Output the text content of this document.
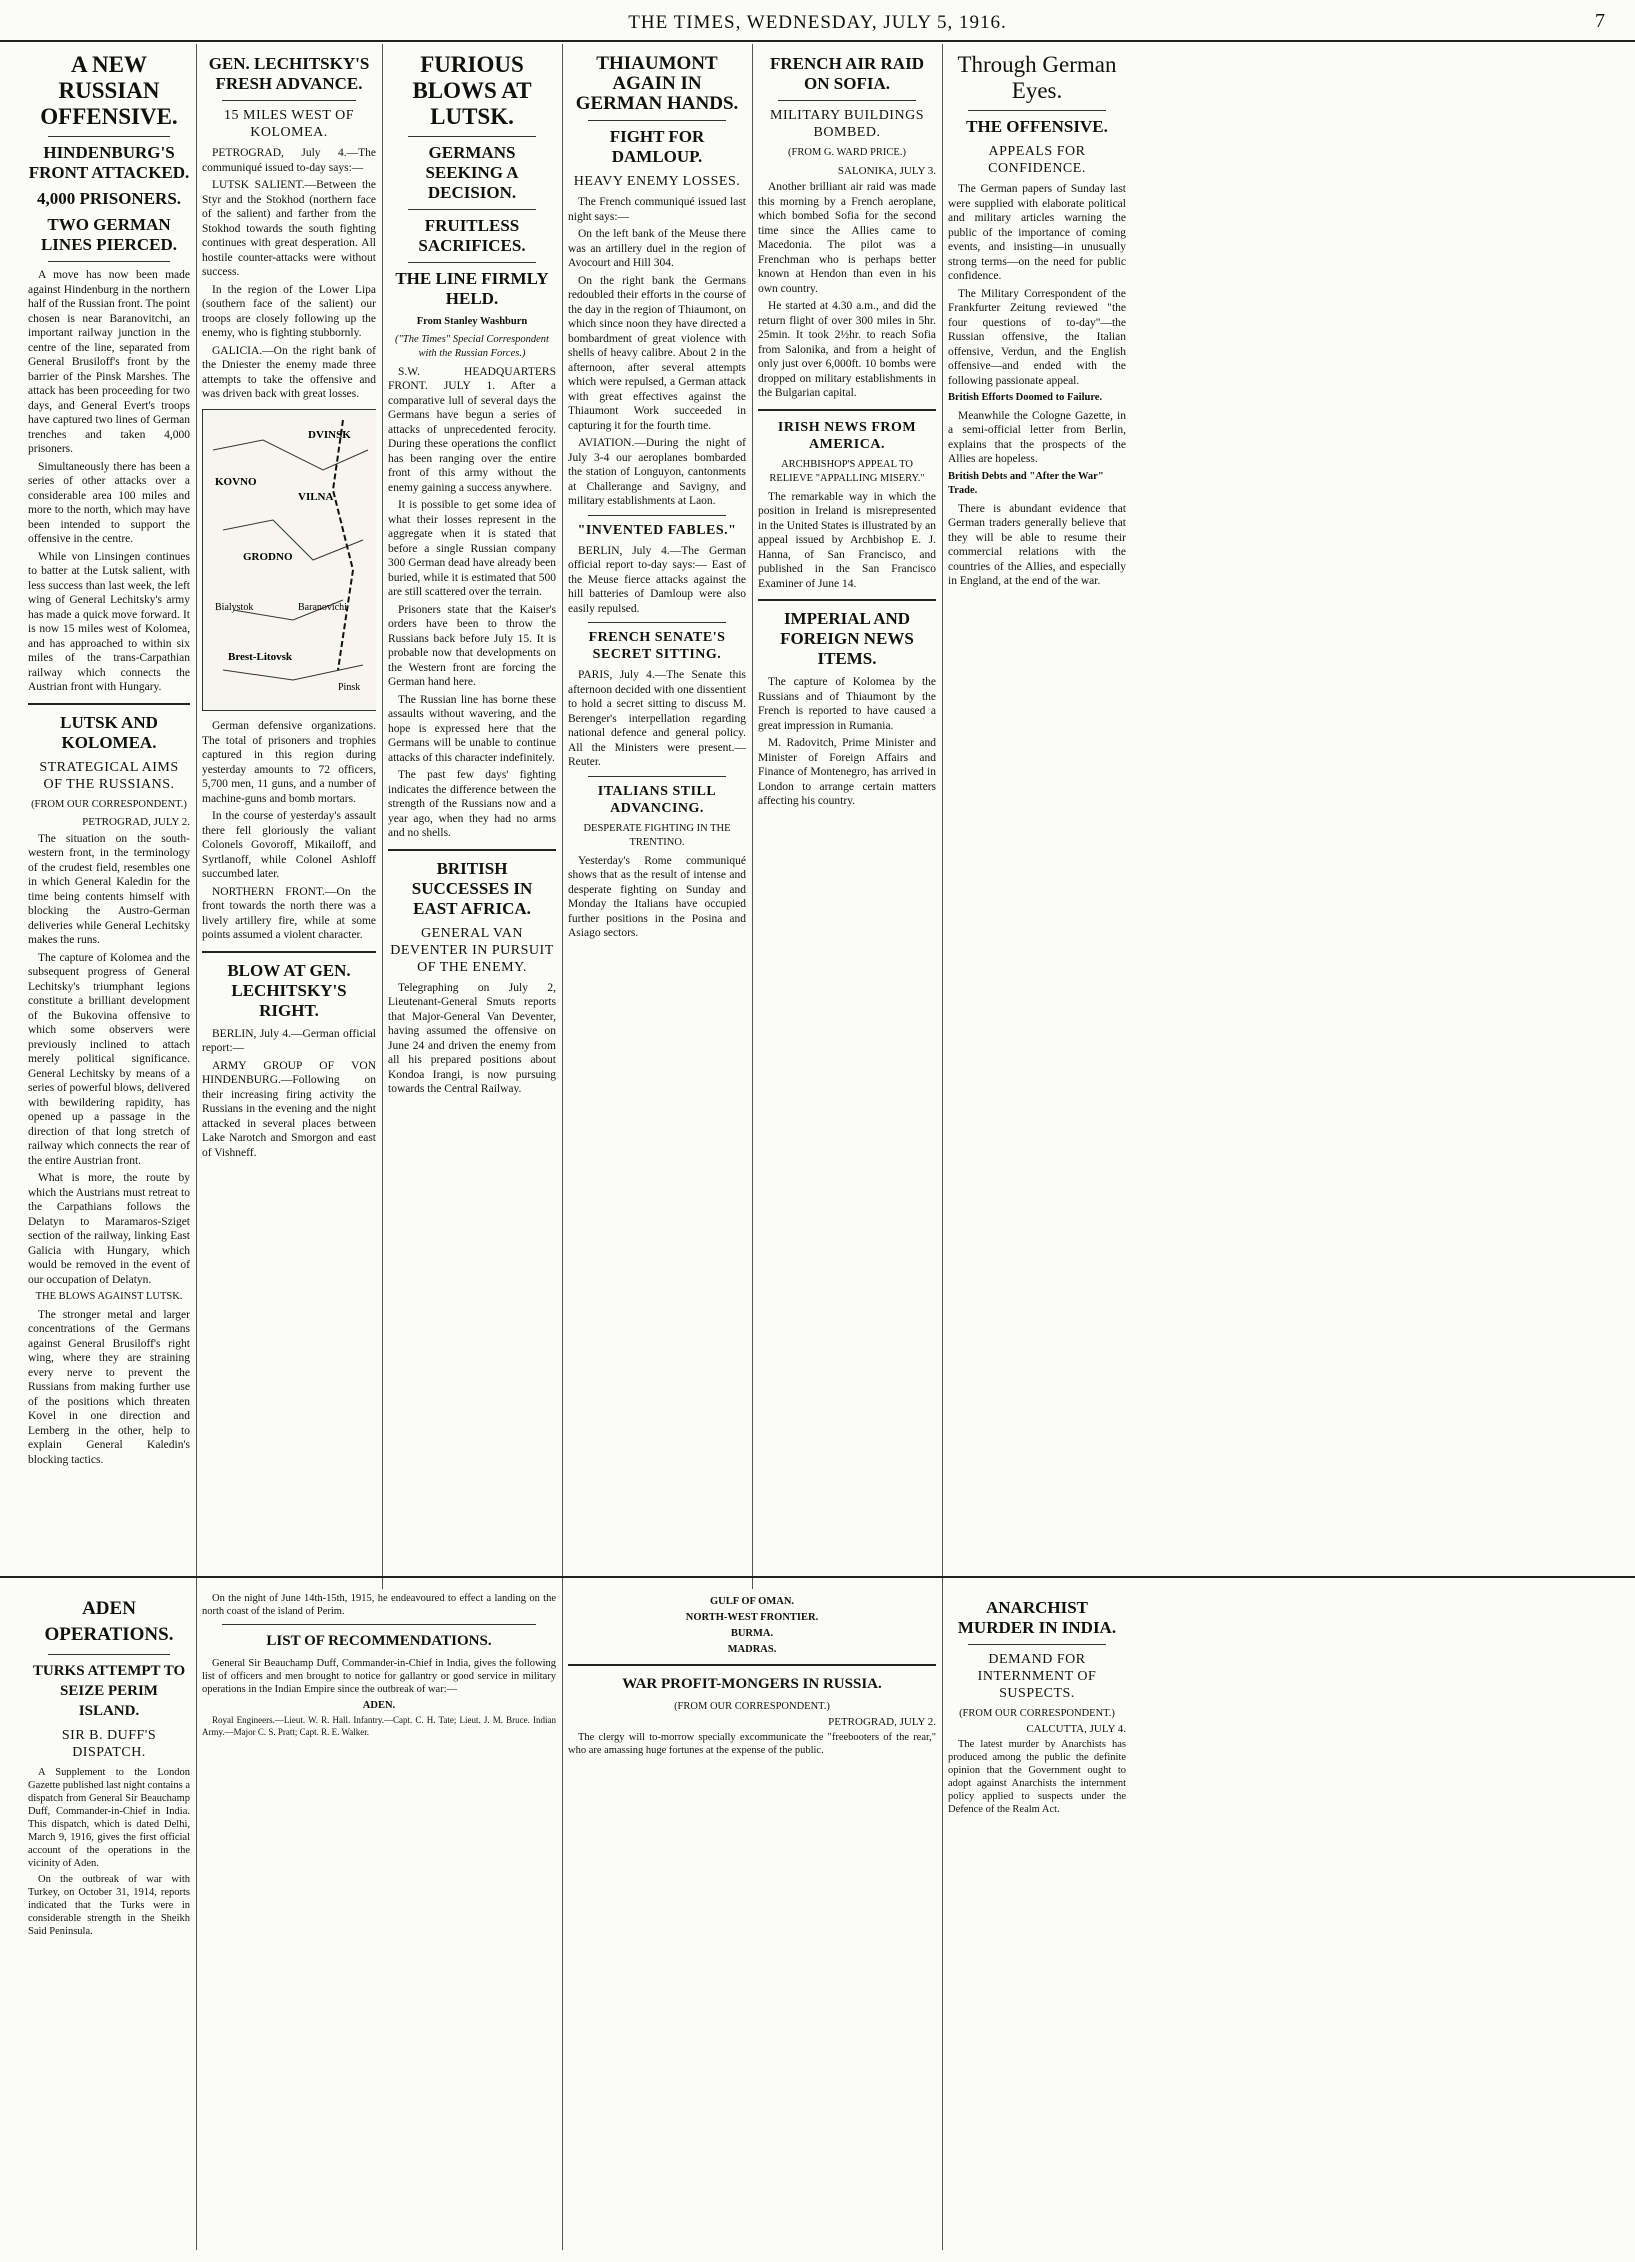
THE TIMES, WEDNESDAY, JULY 5, 1916.	7
A NEW RUSSIAN OFFENSIVE.
HINDENBURG'S FRONT ATTACKED.
4,000 PRISONERS.
TWO GERMAN LINES PIERCED.

A move has now been made against Hindenburg in the northern half of the Russian front. The point chosen is near Baranovitchi, an important railway junction in the centre of the line, separated from General Brusiloff's front by the barrier of the Pinsk Marshes. The attack has been proceeding for two days, and General Evert's troops have captured two lines of German trenches and taken 4,000 prisoners.

Simultaneously there has been a series of other attacks over a considerable area 100 miles and more to the north, which may have been intended to support the offensive in the centre.

While von Linsingen continues to batter at the Lutsk salient, with less success than last week, the left wing of General Lechitsky's army has made a quick move forward. It is now 15 miles west of Kolomea, and has approached to within six miles of the trans-Carpathian railway which connects the Austrian front with Hungary.

LUTSK AND KOLOMEA.
STRATEGICAL AIMS OF THE RUSSIANS.
(FROM OUR CORRESPONDENT.)
PETROGRAD, JULY 2.

The situation on the south-western front, in the terminology of the crudest field, resembles one in which General Kaledin for the time being contents himself with blocking the Austro-German deliveries while General Lechitsky makes the runs.

The capture of Kolomea and the subsequent progress of General Lechitsky's triumphant legions constitute a brilliant development of the Bukovina offensive to which some observers were previously inclined to attach merely political significance. General Lechitsky by means of a series of powerful blows, delivered with bewildering rapidity, has opened up a passage in the direction of that long stretch of railway which connects the rear of the entire Austrian front.

What is more, the route by which the Austrians must retreat to the Carpathians follows the Delatyn to Maramaros-Sziget section of the railway, linking East Galicia with Hungary, which would be removed in the event of our occupation of Delatyn.

THE BLOWS AGAINST LUTSK.

The stronger metal and larger concentrations of the Germans against General Brusiloff's right wing, where they are straining every nerve to prevent the Russians from making further use of the positions which threaten Kovel in one direction and Lemberg in the other, help to explain General Kaledin's blocking tactics.

GEN. LECHITSKY'S FRESH ADVANCE.
15 MILES WEST OF KOLOMEA.

PETROGRAD, July 4.—The communiqué issued to-day says:—

LUTSK SALIENT.—Between the Styr and the Stokhod (northern face of the salient) and farther from the Stokhod towards the south fighting continues with great desperation. All hostile counter-attacks were without success.

In the region of the Lower Lipa (southern face of the salient) our troops are closely following up the enemy, who is fighting stubbornly.

GALICIA.—On the right bank of the Dniester the enemy made three attempts to take the offensive and was driven back with great losses.

DVINSK
KOVNO
VILNA
GRODNO
Bialystok	Baranovichi
Brest-Litovsk
Pinsk

German defensive organizations. The total of prisoners and trophies captured in this region during yesterday amounts to 72 officers, 5,700 men, 11 guns, and a number of machine-guns and bomb mortars.

In the course of yesterday's assault there fell gloriously the valiant Colonels Govoroff, Mikailoff, and Syrtlanoff, while Colonel Ashloff succumbed later.

NORTHERN FRONT.—On the front towards the north there was a lively artillery fire, while at some points assumed a violent character.

BLOW AT GEN. LECHITSKY'S RIGHT.

BERLIN, July 4.—German official report:—

ARMY GROUP OF VON HINDENBURG.—Following on their increasing firing activity the Russians in the evening and the night attacked in several places between Lake Narotch and Smorgon and east of Vishneff.

FURIOUS BLOWS AT LUTSK.
GERMANS SEEKING A DECISION.
FRUITLESS SACRIFICES.
THE LINE FIRMLY HELD.
From Stanley Washburn
("The Times" Special Correspondent with the Russian Forces.)

S.W. HEADQUARTERS FRONT. JULY 1. After a comparative lull of several days the Germans have begun a series of attacks of unprecedented ferocity. During these operations the conflict has been ranging over the entire front of this army without the enemy gaining a success anywhere.

It is possible to get some idea of what their losses represent in the aggregate when it is stated that before a single Russian company 300 German dead have already been buried, while it is estimated that 500 are still scattered over the terrain.

Prisoners state that the Kaiser's orders have been to throw the Russians back before July 15. It is probable now that developments on the Western front are forcing the German hand here.

The Russian line has borne these assaults without wavering, and the hope is expressed here that the Germans will be unable to continue attacks of this character indefinitely.

The past few days' fighting indicates the difference between the strength of the Russians now and a year ago, when they had no arms and no shells.

BRITISH SUCCESSES IN EAST AFRICA.
GENERAL VAN DEVENTER IN PURSUIT OF THE ENEMY.

Telegraphing on July 2, Lieutenant-General Smuts reports that Major-General Van Deventer, having assumed the offensive on June 24 and driven the enemy from all his prepared positions about Kondoa Irangi, is now pursuing towards the Central Railway.

THIAUMONT AGAIN IN GERMAN HANDS.
FIGHT FOR DAMLOUP.
HEAVY ENEMY LOSSES.

The French communiqué issued last night says:—

On the left bank of the Meuse there was an artillery duel in the region of Avocourt and Hill 304.

On the right bank the Germans redoubled their efforts in the course of the day in the region of Thiaumont, on which since noon they have directed a bombardment of great violence with shells of heavy calibre. About 2 in the afternoon, after several attempts which were repulsed, a German attack with great effectives against the Thiaumont Work succeeded in capturing it for the fourth time.

AVIATION.—During the night of July 3-4 our aeroplanes bombarded the station of Longuyon, cantonments at Challerange and Savigny, and military establishments at Laon.

"INVENTED FABLES."

BERLIN, July 4.—The German official report to-day says:— East of the Meuse fierce attacks against the hill batteries of Damloup were also easily repulsed.

FRENCH SENATE'S SECRET SITTING.

PARIS, July 4.—The Senate this afternoon decided with one dissentient to hold a secret sitting to discuss M. Berenger's interpellation regarding national defence and general policy. All the Ministers were present.—Reuter.

ITALIANS STILL ADVANCING.
DESPERATE FIGHTING IN THE TRENTINO.

Yesterday's Rome communiqué shows that as the result of intense and desperate fighting on Sunday and Monday the Italians have occupied further positions in the Posina and Asiago sectors.

FRENCH AIR RAID ON SOFIA.
MILITARY BUILDINGS BOMBED.
(FROM G. WARD PRICE.)
SALONIKA, JULY 3.

Another brilliant air raid was made this morning by a French aeroplane, which bombed Sofia for the second time since the Allies came to Macedonia. The pilot was a Frenchman who is perhaps better known at Hendon than even in his own country.

He started at 4.30 a.m., and did the return flight of over 300 miles in 5hr. 25min. It took 2½hr. to reach Sofia from Salonika, and from a height of only just over 6,000ft. 10 bombs were dropped on military establishments in the Bulgarian capital.

IRISH NEWS FROM AMERICA.
ARCHBISHOP'S APPEAL TO RELIEVE "APPALLING MISERY."

The remarkable way in which the position in Ireland is misrepresented in the United States is illustrated by an appeal issued by Archbishop E. J. Hanna, of San Francisco, and published in the San Francisco Examiner of June 14.

IMPERIAL AND FOREIGN NEWS ITEMS.

The capture of Kolomea by the Russians and of Thiaumont by the French is reported to have caused a great impression in Rumania.

M. Radovitch, Prime Minister and Minister of Foreign Affairs and Finance of Montenegro, has arrived in London to arrange certain matters affecting his country.

Through German Eyes.
THE OFFENSIVE.
APPEALS FOR CONFIDENCE.

The German papers of Sunday last were supplied with elaborate political and military articles warning the public of the importance of coming events, and insisting—in unusually strong terms—on the need for public confidence.

The Military Correspondent of the Frankfurter Zeitung reviewed "the four questions of to-day"—the Russian offensive, the Italian offensive, Verdun, and the English offensive—and ended with the following passionate appeal.

British Efforts Doomed to Failure.

Meanwhile the Cologne Gazette, in a semi-official letter from Berlin, explains that the prospects of the Allies are hopeless.

British Debts and "After the War" Trade.

There is abundant evidence that German traders generally believe that they will be able to resume their commercial relations with the countries of the Allies, and especially in England, at the end of the war.

ADEN OPERATIONS.
TURKS ATTEMPT TO SEIZE PERIM ISLAND.
SIR B. DUFF'S DISPATCH.

A Supplement to the London Gazette published last night contains a dispatch from General Sir Beauchamp Duff, Commander-in-Chief in India. This dispatch, which is dated Delhi, March 9, 1916, gives the first official account of the operations in the vicinity of Aden.

On the outbreak of war with Turkey, on October 31, 1914, reports indicated that the Turks were in considerable strength in the Sheikh Said Peninsula.

On the night of June 14th-15th, 1915, he endeavoured to effect a landing on the north coast of the island of Perim.

LIST OF RECOMMENDATIONS.

General Sir Beauchamp Duff, Commander-in-Chief in India, gives the following list of officers and men brought to notice for gallantry or good service in military operations in the Indian Empire since the outbreak of war:—

ADEN.

Royal Engineers.—Lieut. W. R. Hall. Infantry.—Capt. C. H. Tate; Lieut. J. M. Bruce. Indian Army.—Major C. S. Pratt; Capt. R. E. Walker.

GULF OF OMAN.
NORTH-WEST FRONTIER.
BURMA.
MADRAS.
WAR PROFIT-MONGERS IN RUSSIA.
(FROM OUR CORRESPONDENT.)
PETROGRAD, JULY 2.

The clergy will to-morrow specially excommunicate the "freebooters of the rear," who are amassing huge fortunes at the expense of the public.

ANARCHIST MURDER IN INDIA.
DEMAND FOR INTERNMENT OF SUSPECTS.
(FROM OUR CORRESPONDENT.)
CALCUTTA, JULY 4.

The latest murder by Anarchists has produced among the public the definite opinion that the Government ought to adopt against Anarchists the internment policy applied to suspects under the Defence of the Realm Act.
